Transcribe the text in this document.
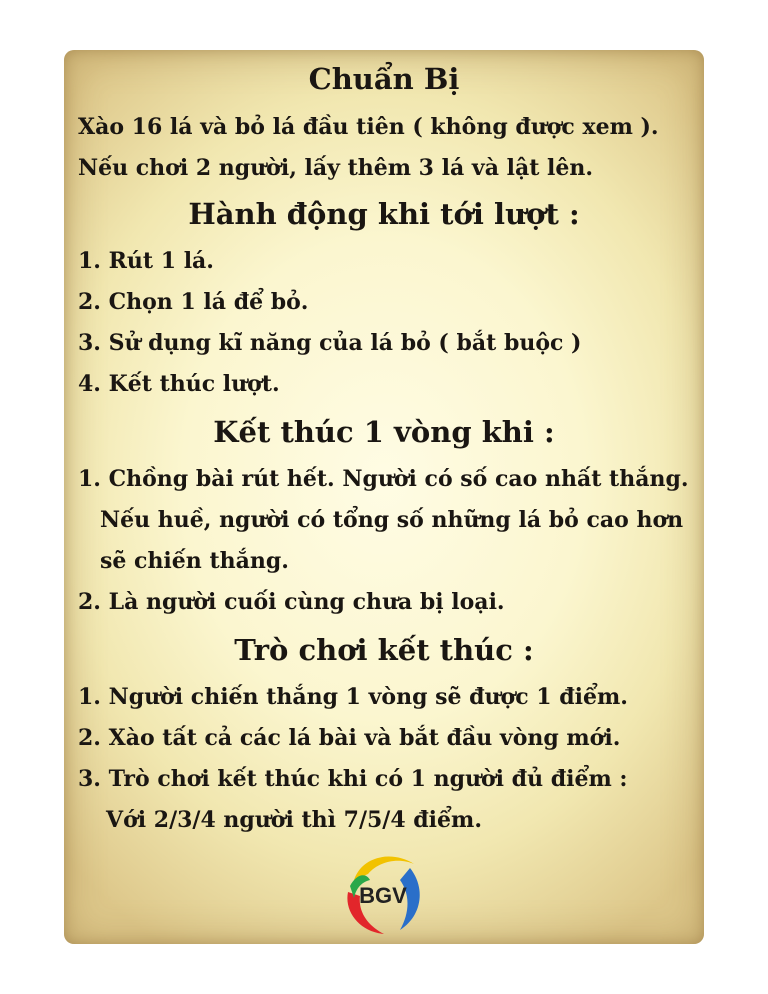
Chuẩn Bị

Xào 16 lá và bỏ lá đầu tiên ( không được xem ).

Nếu chơi 2 người, lấy thêm 3 lá và lật lên.

Hành động khi tới lượt :

1. Rút 1 lá.

2. Chọn 1 lá để bỏ.

3. Sử dụng kĩ năng của lá bỏ ( bắt buộc )

4. Kết thúc lượt.

Kết thúc 1 vòng khi :

1. Chồng bài rút hết. Người có số cao nhất thắng.

Nếu huề, người có tổng số những lá bỏ cao hơn

sẽ chiến thắng.

2. Là người cuối cùng chưa bị loại.

Trò chơi kết thúc :

1. Người chiến thắng 1 vòng sẽ được 1 điểm.

2. Xào tất cả các lá bài và bắt đầu vòng mới.

3. Trò chơi kết thúc khi có 1 người đủ điểm :

Với 2/3/4 người thì 7/5/4 điểm.

BGV
